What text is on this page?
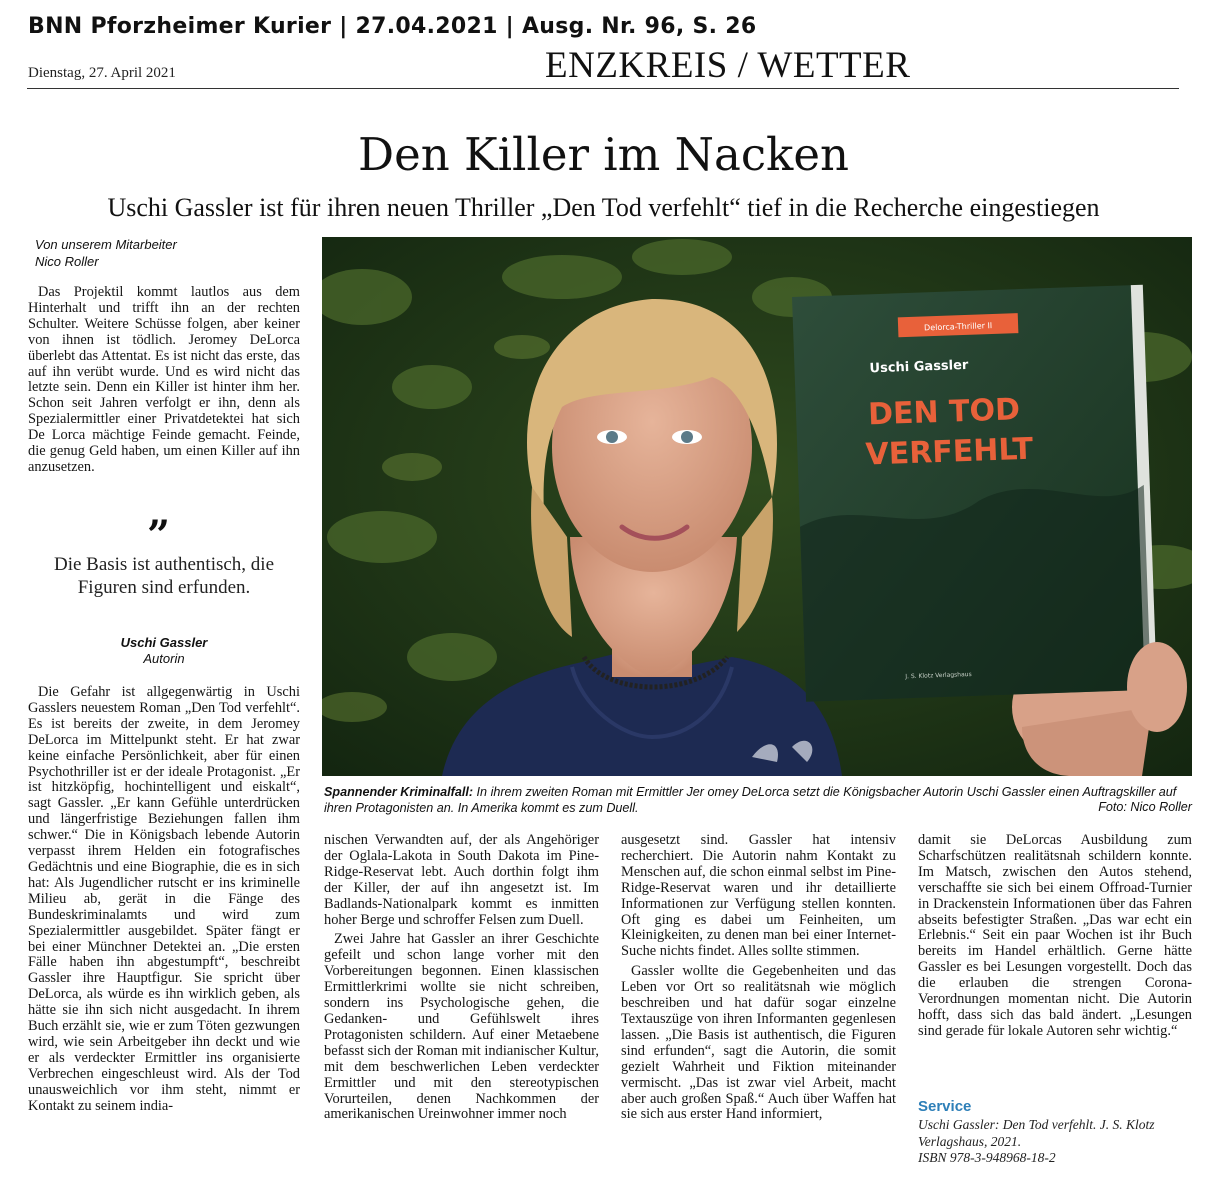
BNN Pforzheimer Kurier | 27.04.2021 | Ausg. Nr. 96, S. 26
Dienstag, 27. April 2021	ENZKREIS / WETTER
Den Killer im Nacken
Uschi Gassler ist für ihren neuen Thriller „Den Tod verfehlt“ tief in die Recherche eingestiegen
Von unserem Mitarbeiter
Nico Roller

Das Projektil kommt lautlos aus dem Hinterhalt und trifft ihn an der rechten Schulter. Weitere Schüsse folgen, aber keiner von ihnen ist tödlich. Jeromey DeLorca überlebt das Attentat. Es ist nicht das erste, das auf ihn verübt wurde. Und es wird nicht das letzte sein. Denn ein Killer ist hinter ihm her. Schon seit Jahren verfolgt er ihn, denn als Spezialermittler einer Privatdetektei hat sich De Lorca mächtige Feinde gemacht. Feinde, die genug Geld haben, um einen Killer auf ihn anzusetzen.

”
Die Basis ist authentisch, die Figuren sind erfunden.
Uschi Gassler
Autorin

Die Gefahr ist allgegenwärtig in Uschi Gasslers neuestem Roman „Den Tod verfehlt“. Es ist bereits der zweite, in dem Jeromey DeLorca im Mittelpunkt steht. Er hat zwar keine einfache Persönlichkeit, aber für einen Psychothriller ist er der ideale Protagonist. „Er ist hitzköpfig, hochintelligent und eiskalt“, sagt Gassler. „Er kann Gefühle unterdrücken und längerfristige Beziehungen fallen ihm schwer.“ Die in Königsbach lebende Autorin verpasst ihrem Helden ein fotografisches Gedächtnis und eine Biographie, die es in sich hat: Als Jugendlicher rutscht er ins kriminelle Milieu ab, gerät in die Fänge des Bundeskriminalamts und wird zum Spezialermittler ausgebildet. Später fängt er bei einer Münchner Detektei an. „Die ersten Fälle haben ihn abgestumpft“, beschreibt Gassler ihre Hauptfigur. Sie spricht über DeLorca, als würde es ihn wirklich geben, als hätte sie ihn sich nicht ausgedacht. In ihrem Buch erzählt sie, wie er zum Töten gezwungen wird, wie sein Arbeitgeber ihn deckt und wie er als verdeckter Ermittler ins organisierte Verbrechen eingeschleust wird. Als der Tod unausweichlich vor ihm steht, nimmt er Kontakt zu seinem india-

Delorca-Thriller II
Uschi Gassler
DEN TOD
VERFEHLT
J. S. Klotz Verlagshaus
Spannender Kriminalfall: In ihrem zweiten Roman mit Ermittler Jer omey DeLorca setzt die Königsbacher Autorin Uschi Gassler einen Auftragskiller auf ihren Protagonisten an. In Amerika kommt es zum Duell.	Foto: Nico Roller

nischen Verwandten auf, der als Angehöriger der Oglala-Lakota in South Dakota im Pine-Ridge-Reservat lebt. Auch dorthin folgt ihm der Killer, der auf ihn angesetzt ist. Im Badlands-Nationalpark kommt es inmitten hoher Berge und schroffer Felsen zum Duell.

Zwei Jahre hat Gassler an ihrer Geschichte gefeilt und schon lange vorher mit den Vorbereitungen begonnen. Einen klassischen Ermittlerkrimi wollte sie nicht schreiben, sondern ins Psychologische gehen, die Gedanken- und Gefühlswelt ihres Protagonisten schildern. Auf einer Metaebene befasst sich der Roman mit indianischer Kultur, mit dem beschwerlichen Leben verdeckter Ermittler und mit den stereotypischen Vorurteilen, denen Nachkommen der amerikanischen Ureinwohner immer noch

ausgesetzt sind. Gassler hat intensiv recherchiert. Die Autorin nahm Kontakt zu Menschen auf, die schon einmal selbst im Pine-Ridge-Reservat waren und ihr detaillierte Informationen zur Verfügung stellen konnten. Oft ging es dabei um Feinheiten, um Kleinigkeiten, zu denen man bei einer Internet-Suche nichts findet. Alles sollte stimmen.

Gassler wollte die Gegebenheiten und das Leben vor Ort so realitätsnah wie möglich beschreiben und hat dafür sogar einzelne Textauszüge von ihren Informanten gegenlesen lassen. „Die Basis ist authentisch, die Figuren sind erfunden“, sagt die Autorin, die somit gezielt Wahrheit und Fiktion miteinander vermischt. „Das ist zwar viel Arbeit, macht aber auch großen Spaß.“ Auch über Waffen hat sie sich aus erster Hand informiert,

damit sie DeLorcas Ausbildung zum Scharfschützen realitätsnah schildern konnte. Im Matsch, zwischen den Autos stehend, verschaffte sie sich bei einem Offroad-Turnier in Drackenstein Informationen über das Fahren abseits befestigter Straßen. „Das war echt ein Erlebnis.“ Seit ein paar Wochen ist ihr Buch bereits im Handel erhältlich. Gerne hätte Gassler es bei Lesungen vorgestellt. Doch das die erlauben die strengen Corona-Verordnungen momentan nicht. Die Autorin hofft, dass sich das bald ändert. „Lesungen sind gerade für lokale Autoren sehr wichtig.“

Service
Uschi Gassler: Den Tod verfehlt. J. S. Klotz Verlagshaus, 2021.
ISBN 978-3-948968-18-2
